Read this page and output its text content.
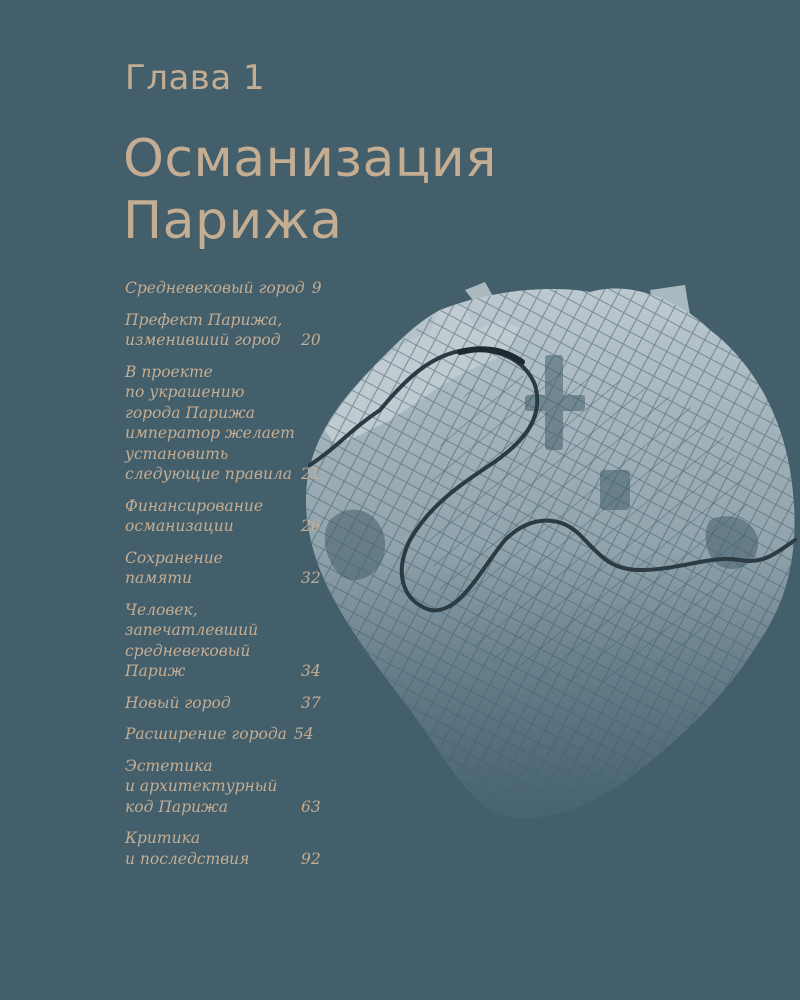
Глава 1
Османизация
Парижа
Средневековый город 9
Префект Парижа,
изменивший город	20
В проекте
по украшению
города Парижа
император желает
установить
следующие правила 21
Финансирование
османизации	26
Сохранение
памяти	32
Человек,
запечатлевший
средневековый
Париж	34
Новый город	37
Расширение города 54
Эстетика
и архитектурный
код Парижа	63
Критика
и последствия	92
